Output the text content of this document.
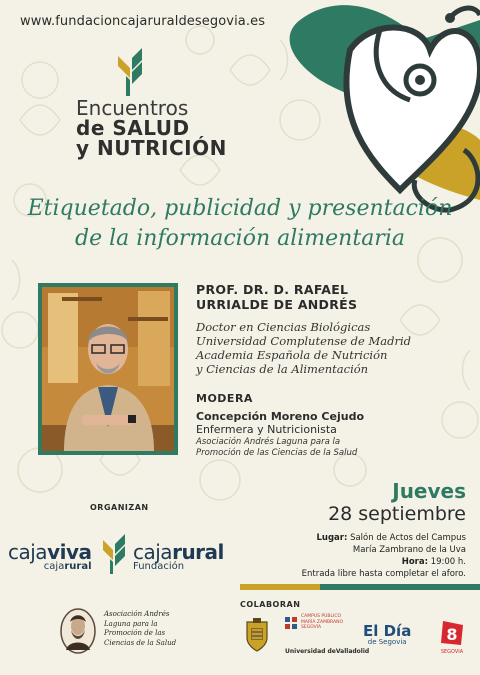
www.fundacioncajaruraldesegovia.es
Encuentros
de SALUD
y NUTRICIÓN
Etiquetado, publicidad y presentación
de la información alimentaria
PROF. DR. D. RAFAEL
URRIALDE DE ANDRÉS
Doctor en Ciencias Biológicas
Universidad Complutense de Madrid
Academia Española de Nutrición
y Ciencias de la Alimentación
MODERA
Concepción Moreno Cejudo
Enfermera y Nutricionista
Asociación Andrés Laguna para la
Promoción de las Ciencias de la Salud
Jueves
28 septiembre
Lugar: Salón de Actos del Campus
María Zambrano de la Uva
Hora: 19:00 h.
Entrada libre hasta completar el aforo.
ORGANIZAN
cajaviva
cajarural
cajarural
Fundación
COLABORAN
Asociación Andrés
Laguna para la
Promoción de las
Ciencias de la Salud
CAMPUS PÚBLICO
MARÍA ZAMBRANO
SEGOVIA
Universidad deValladolid
El Día
de Segovia 8
SEGOVIA
